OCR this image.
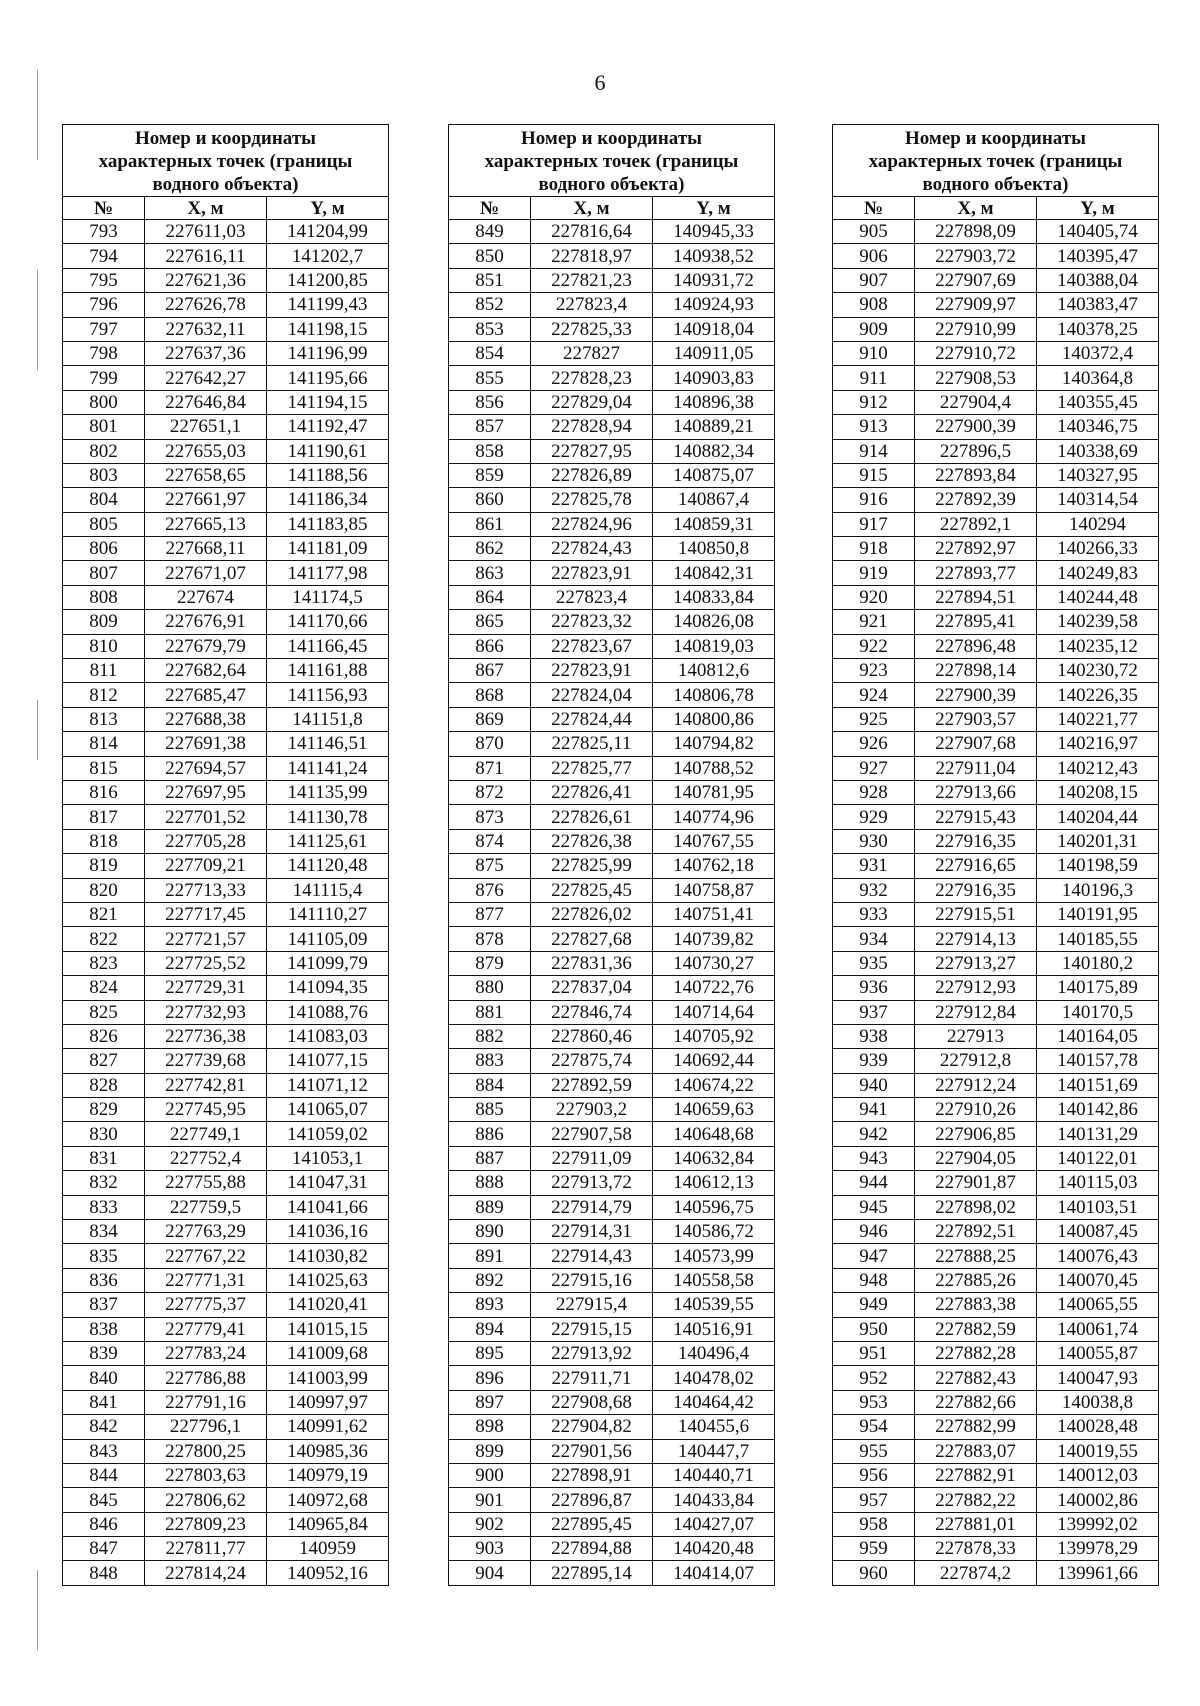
6
Номер и координаты
характерных точек (границы
водного объекта)		
№	X, м	Y, м
793	227611,03	141204,99
794	227616,11	141202,7
795	227621,36	141200,85
796	227626,78	141199,43
797	227632,11	141198,15
798	227637,36	141196,99
799	227642,27	141195,66
800	227646,84	141194,15
801	227651,1	141192,47
802	227655,03	141190,61
803	227658,65	141188,56
804	227661,97	141186,34
805	227665,13	141183,85
806	227668,11	141181,09
807	227671,07	141177,98
808	227674	141174,5
809	227676,91	141170,66
810	227679,79	141166,45
811	227682,64	141161,88
812	227685,47	141156,93
813	227688,38	141151,8
814	227691,38	141146,51
815	227694,57	141141,24
816	227697,95	141135,99
817	227701,52	141130,78
818	227705,28	141125,61
819	227709,21	141120,48
820	227713,33	141115,4
821	227717,45	141110,27
822	227721,57	141105,09
823	227725,52	141099,79
824	227729,31	141094,35
825	227732,93	141088,76
826	227736,38	141083,03
827	227739,68	141077,15
828	227742,81	141071,12
829	227745,95	141065,07
830	227749,1	141059,02
831	227752,4	141053,1
832	227755,88	141047,31
833	227759,5	141041,66
834	227763,29	141036,16
835	227767,22	141030,82
836	227771,31	141025,63
837	227775,37	141020,41
838	227779,41	141015,15
839	227783,24	141009,68
840	227786,88	141003,99
841	227791,16	140997,97
842	227796,1	140991,62
843	227800,25	140985,36
844	227803,63	140979,19
845	227806,62	140972,68
846	227809,23	140965,84
847	227811,77	140959
848	227814,24	140952,16
Номер и координаты
характерных точек (границы
водного объекта)		
№	X, м	Y, м
849	227816,64	140945,33
850	227818,97	140938,52
851	227821,23	140931,72
852	227823,4	140924,93
853	227825,33	140918,04
854	227827	140911,05
855	227828,23	140903,83
856	227829,04	140896,38
857	227828,94	140889,21
858	227827,95	140882,34
859	227826,89	140875,07
860	227825,78	140867,4
861	227824,96	140859,31
862	227824,43	140850,8
863	227823,91	140842,31
864	227823,4	140833,84
865	227823,32	140826,08
866	227823,67	140819,03
867	227823,91	140812,6
868	227824,04	140806,78
869	227824,44	140800,86
870	227825,11	140794,82
871	227825,77	140788,52
872	227826,41	140781,95
873	227826,61	140774,96
874	227826,38	140767,55
875	227825,99	140762,18
876	227825,45	140758,87
877	227826,02	140751,41
878	227827,68	140739,82
879	227831,36	140730,27
880	227837,04	140722,76
881	227846,74	140714,64
882	227860,46	140705,92
883	227875,74	140692,44
884	227892,59	140674,22
885	227903,2	140659,63
886	227907,58	140648,68
887	227911,09	140632,84
888	227913,72	140612,13
889	227914,79	140596,75
890	227914,31	140586,72
891	227914,43	140573,99
892	227915,16	140558,58
893	227915,4	140539,55
894	227915,15	140516,91
895	227913,92	140496,4
896	227911,71	140478,02
897	227908,68	140464,42
898	227904,82	140455,6
899	227901,56	140447,7
900	227898,91	140440,71
901	227896,87	140433,84
902	227895,45	140427,07
903	227894,88	140420,48
904	227895,14	140414,07
Номер и координаты
характерных точек (границы
водного объекта)		
№	X, м	Y, м
905	227898,09	140405,74
906	227903,72	140395,47
907	227907,69	140388,04
908	227909,97	140383,47
909	227910,99	140378,25
910	227910,72	140372,4
911	227908,53	140364,8
912	227904,4	140355,45
913	227900,39	140346,75
914	227896,5	140338,69
915	227893,84	140327,95
916	227892,39	140314,54
917	227892,1	140294
918	227892,97	140266,33
919	227893,77	140249,83
920	227894,51	140244,48
921	227895,41	140239,58
922	227896,48	140235,12
923	227898,14	140230,72
924	227900,39	140226,35
925	227903,57	140221,77
926	227907,68	140216,97
927	227911,04	140212,43
928	227913,66	140208,15
929	227915,43	140204,44
930	227916,35	140201,31
931	227916,65	140198,59
932	227916,35	140196,3
933	227915,51	140191,95
934	227914,13	140185,55
935	227913,27	140180,2
936	227912,93	140175,89
937	227912,84	140170,5
938	227913	140164,05
939	227912,8	140157,78
940	227912,24	140151,69
941	227910,26	140142,86
942	227906,85	140131,29
943	227904,05	140122,01
944	227901,87	140115,03
945	227898,02	140103,51
946	227892,51	140087,45
947	227888,25	140076,43
948	227885,26	140070,45
949	227883,38	140065,55
950	227882,59	140061,74
951	227882,28	140055,87
952	227882,43	140047,93
953	227882,66	140038,8
954	227882,99	140028,48
955	227883,07	140019,55
956	227882,91	140012,03
957	227882,22	140002,86
958	227881,01	139992,02
959	227878,33	139978,29
960	227874,2	139961,66
